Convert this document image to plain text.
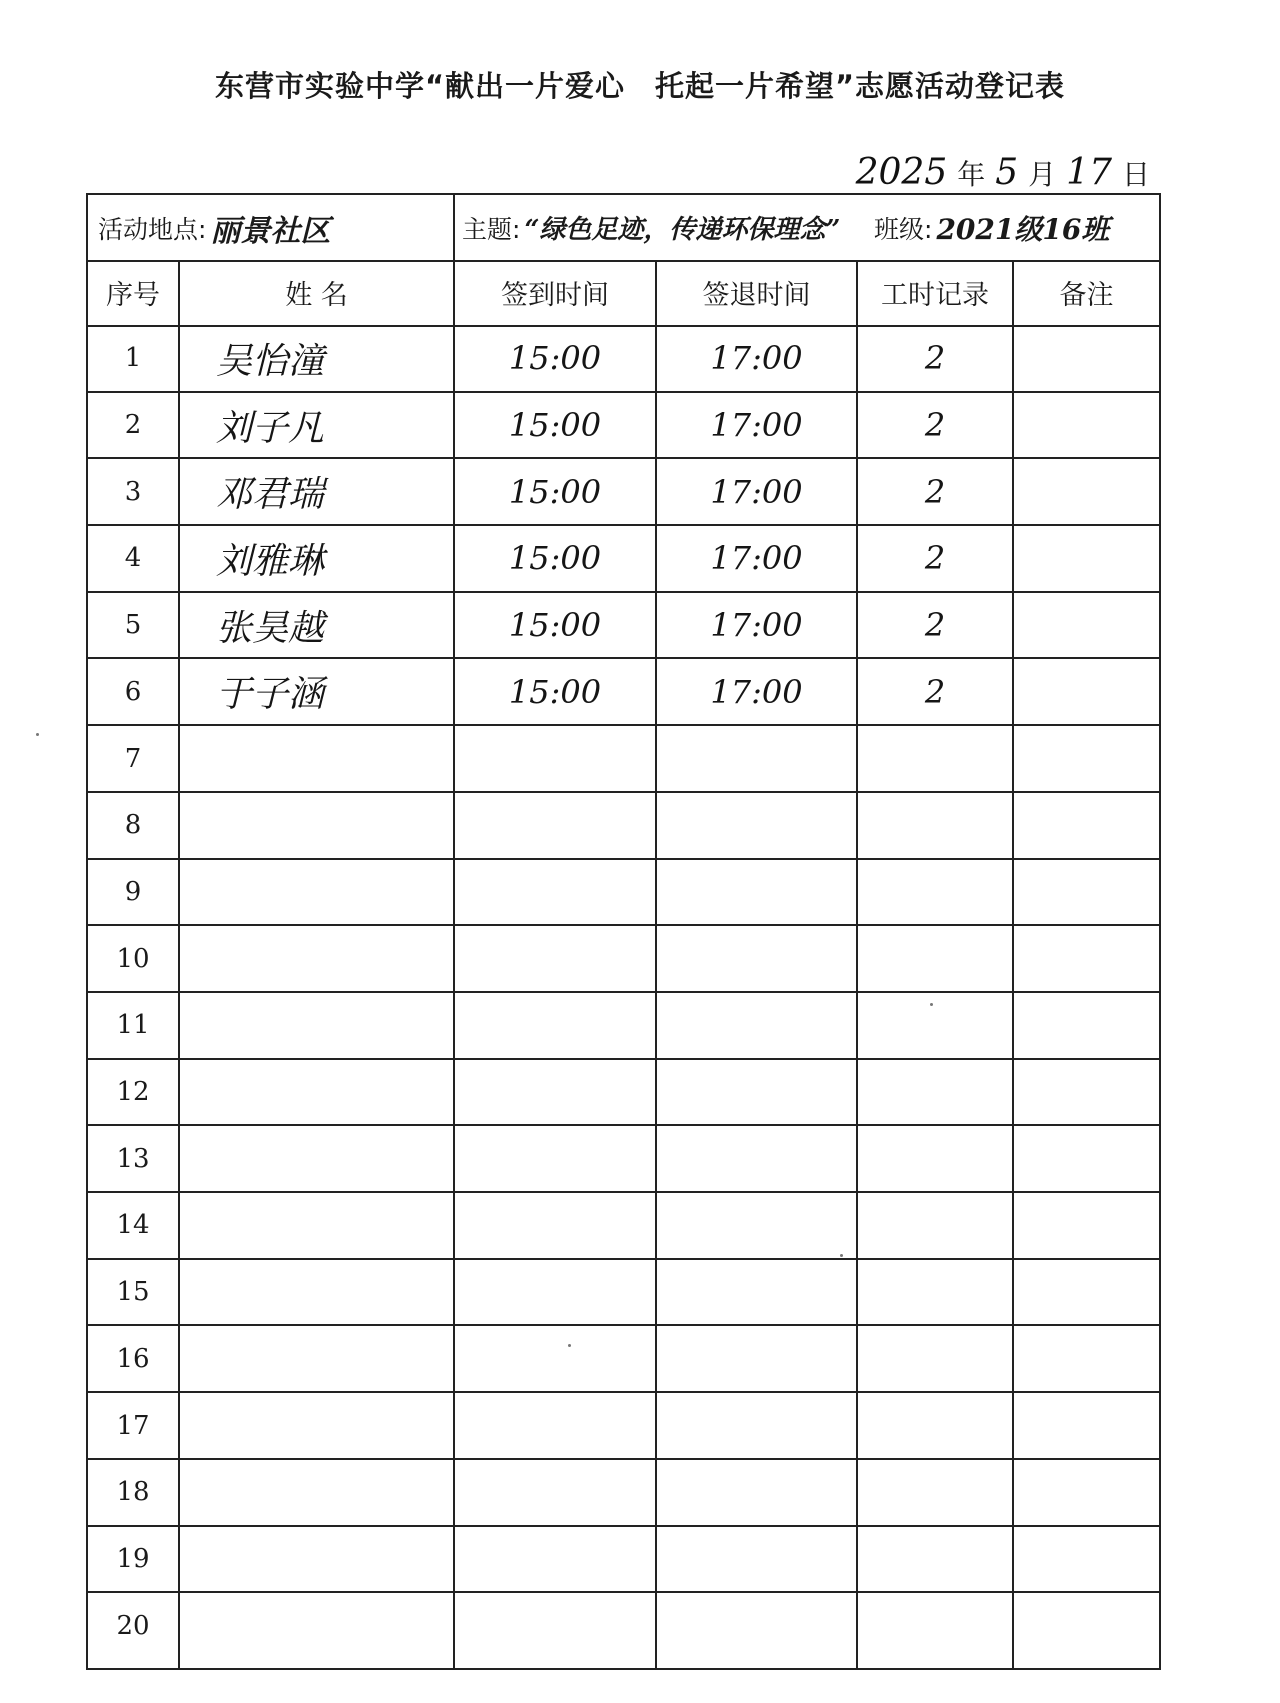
东营市实验中学“献出一片爱心　托起一片希望”志愿活动登记表
2025 年 5 月 17 日
活动地点: 丽景社区	主题: “绿色足迹，传递环保理念” 班级: 2021级16班
序号	姓 名	签到时间	签退时间	工时记录	备注
1	吴怡潼	15:00	17:00	2
2	刘子凡	15:00	17:00	2
3	邓君瑞	15:00	17:00	2
4	刘雅琳	15:00	17:00	2
5	张昊越	15:00	17:00	2
6	于子涵	15:00	17:00	2
7
8
9
10
11
12
13
14
15
16
17
18
19
20
